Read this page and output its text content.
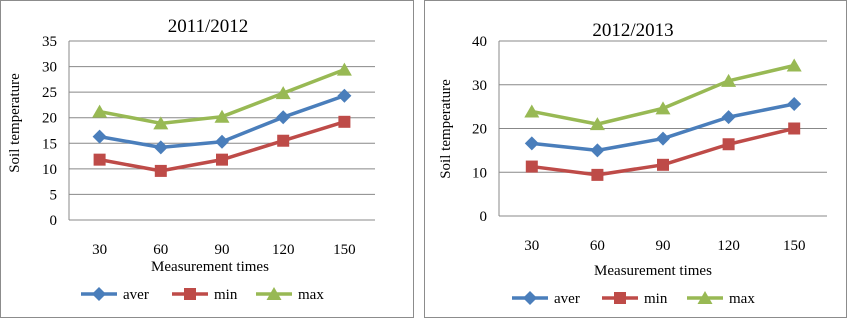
0
5
10
15
20
25
30
35
30	60	90	120	150
2011/2012
Soil temperature
Measurement times
aver	min	max
0
10
20
30
40
30	60	90	120	150
2012/2013
Soil temperature
Measurement times
aver	min	max
